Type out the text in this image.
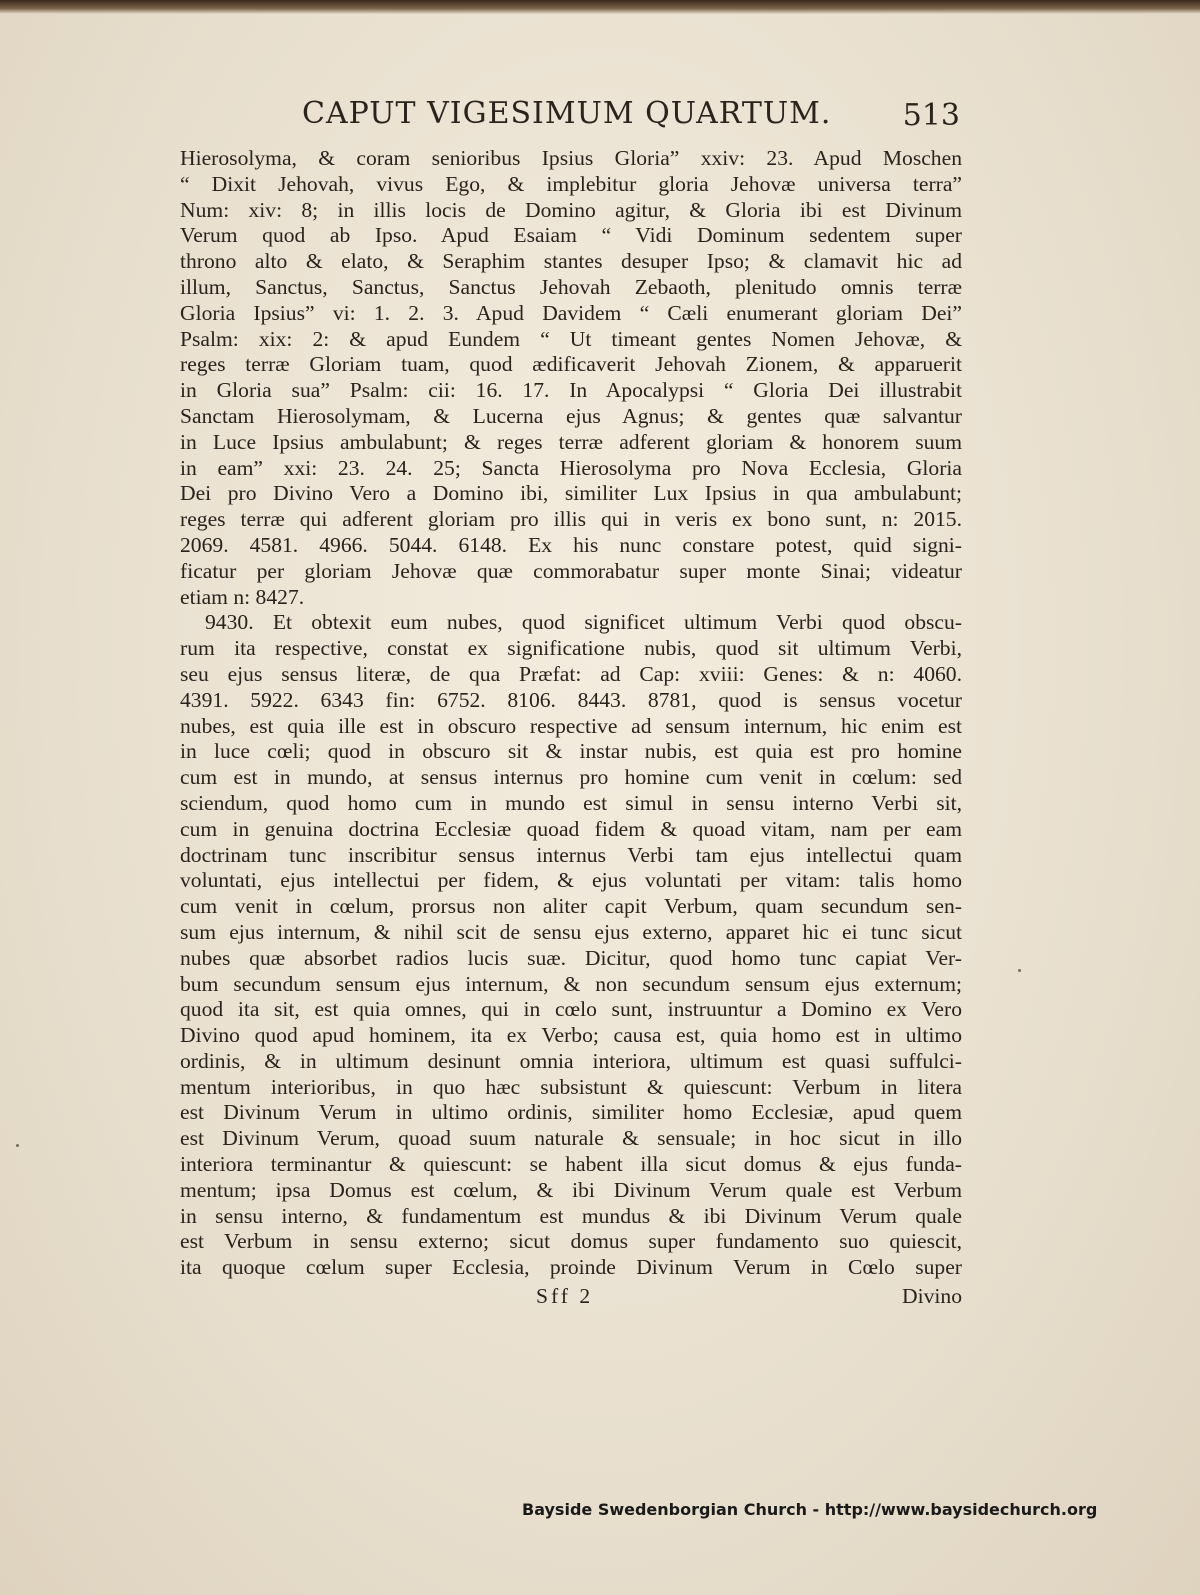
CAPUT VIGESIMUM QUARTUM. 513
Hierosolyma, & coram senioribus Ipsius Gloria” xxiv: 23. Apud Moschen
“ Dixit Jehovah, vivus Ego, & implebitur gloria Jehovæ universa terra”
Num: xiv: 8; in illis locis de Domino agitur, & Gloria ibi est Divinum
Verum quod ab Ipso. Apud Esaiam “ Vidi Dominum sedentem super
throno alto & elato, & Seraphim stantes desuper Ipso; & clamavit hic ad
illum, Sanctus, Sanctus, Sanctus Jehovah Zebaoth, plenitudo omnis terræ
Gloria Ipsius” vi: 1. 2. 3. Apud Davidem “ Cæli enumerant gloriam Dei”
Psalm: xix: 2: & apud Eundem “ Ut timeant gentes Nomen Jehovæ, &
reges terræ Gloriam tuam, quod ædificaverit Jehovah Zionem, & apparuerit
in Gloria sua” Psalm: cii: 16. 17. In Apocalypsi “ Gloria Dei illustrabit
Sanctam Hierosolymam, & Lucerna ejus Agnus; & gentes quæ salvantur
in Luce Ipsius ambulabunt; & reges terræ adferent gloriam & honorem suum
in eam” xxi: 23. 24. 25; Sancta Hierosolyma pro Nova Ecclesia, Gloria
Dei pro Divino Vero a Domino ibi, similiter Lux Ipsius in qua ambulabunt;
reges terræ qui adferent gloriam pro illis qui in veris ex bono sunt, n: 2015.
2069. 4581. 4966. 5044. 6148. Ex his nunc constare potest, quid signi-
ficatur per gloriam Jehovæ quæ commorabatur super monte Sinai; videatur
etiam n: 8427.
9430. Et obtexit eum nubes, quod significet ultimum Verbi quod obscu-
rum ita respective, constat ex significatione nubis, quod sit ultimum Verbi,
seu ejus sensus literæ, de qua Præfat: ad Cap: xviii: Genes: & n: 4060.
4391. 5922. 6343 fin: 6752. 8106. 8443. 8781, quod is sensus vocetur
nubes, est quia ille est in obscuro respective ad sensum internum, hic enim est
in luce cœli; quod in obscuro sit & instar nubis, est quia est pro homine
cum est in mundo, at sensus internus pro homine cum venit in cœlum: sed
sciendum, quod homo cum in mundo est simul in sensu interno Verbi sit,
cum in genuina doctrina Ecclesiæ quoad fidem & quoad vitam, nam per eam
doctrinam tunc inscribitur sensus internus Verbi tam ejus intellectui quam
voluntati, ejus intellectui per fidem, & ejus voluntati per vitam: talis homo
cum venit in cœlum, prorsus non aliter capit Verbum, quam secundum sen-
sum ejus internum, & nihil scit de sensu ejus externo, apparet hic ei tunc sicut
nubes quæ absorbet radios lucis suæ. Dicitur, quod homo tunc capiat Ver-
bum secundum sensum ejus internum, & non secundum sensum ejus externum;
quod ita sit, est quia omnes, qui in cœlo sunt, instruuntur a Domino ex Vero
Divino quod apud hominem, ita ex Verbo; causa est, quia homo est in ultimo
ordinis, & in ultimum desinunt omnia interiora, ultimum est quasi suffulci-
mentum interioribus, in quo hæc subsistunt & quiescunt: Verbum in litera
est Divinum Verum in ultimo ordinis, similiter homo Ecclesiæ, apud quem
est Divinum Verum, quoad suum naturale & sensuale; in hoc sicut in illo
interiora terminantur & quiescunt: se habent illa sicut domus & ejus funda-
mentum; ipsa Domus est cœlum, & ibi Divinum Verum quale est Verbum
in sensu interno, & fundamentum est mundus & ibi Divinum Verum quale
est Verbum in sensu externo; sicut domus super fundamento suo quiescit,
ita quoque cœlum super Ecclesia, proinde Divinum Verum in Cœlo super
Sff 2	Divino
Bayside Swedenborgian Church - http://www.baysidechurch.org
